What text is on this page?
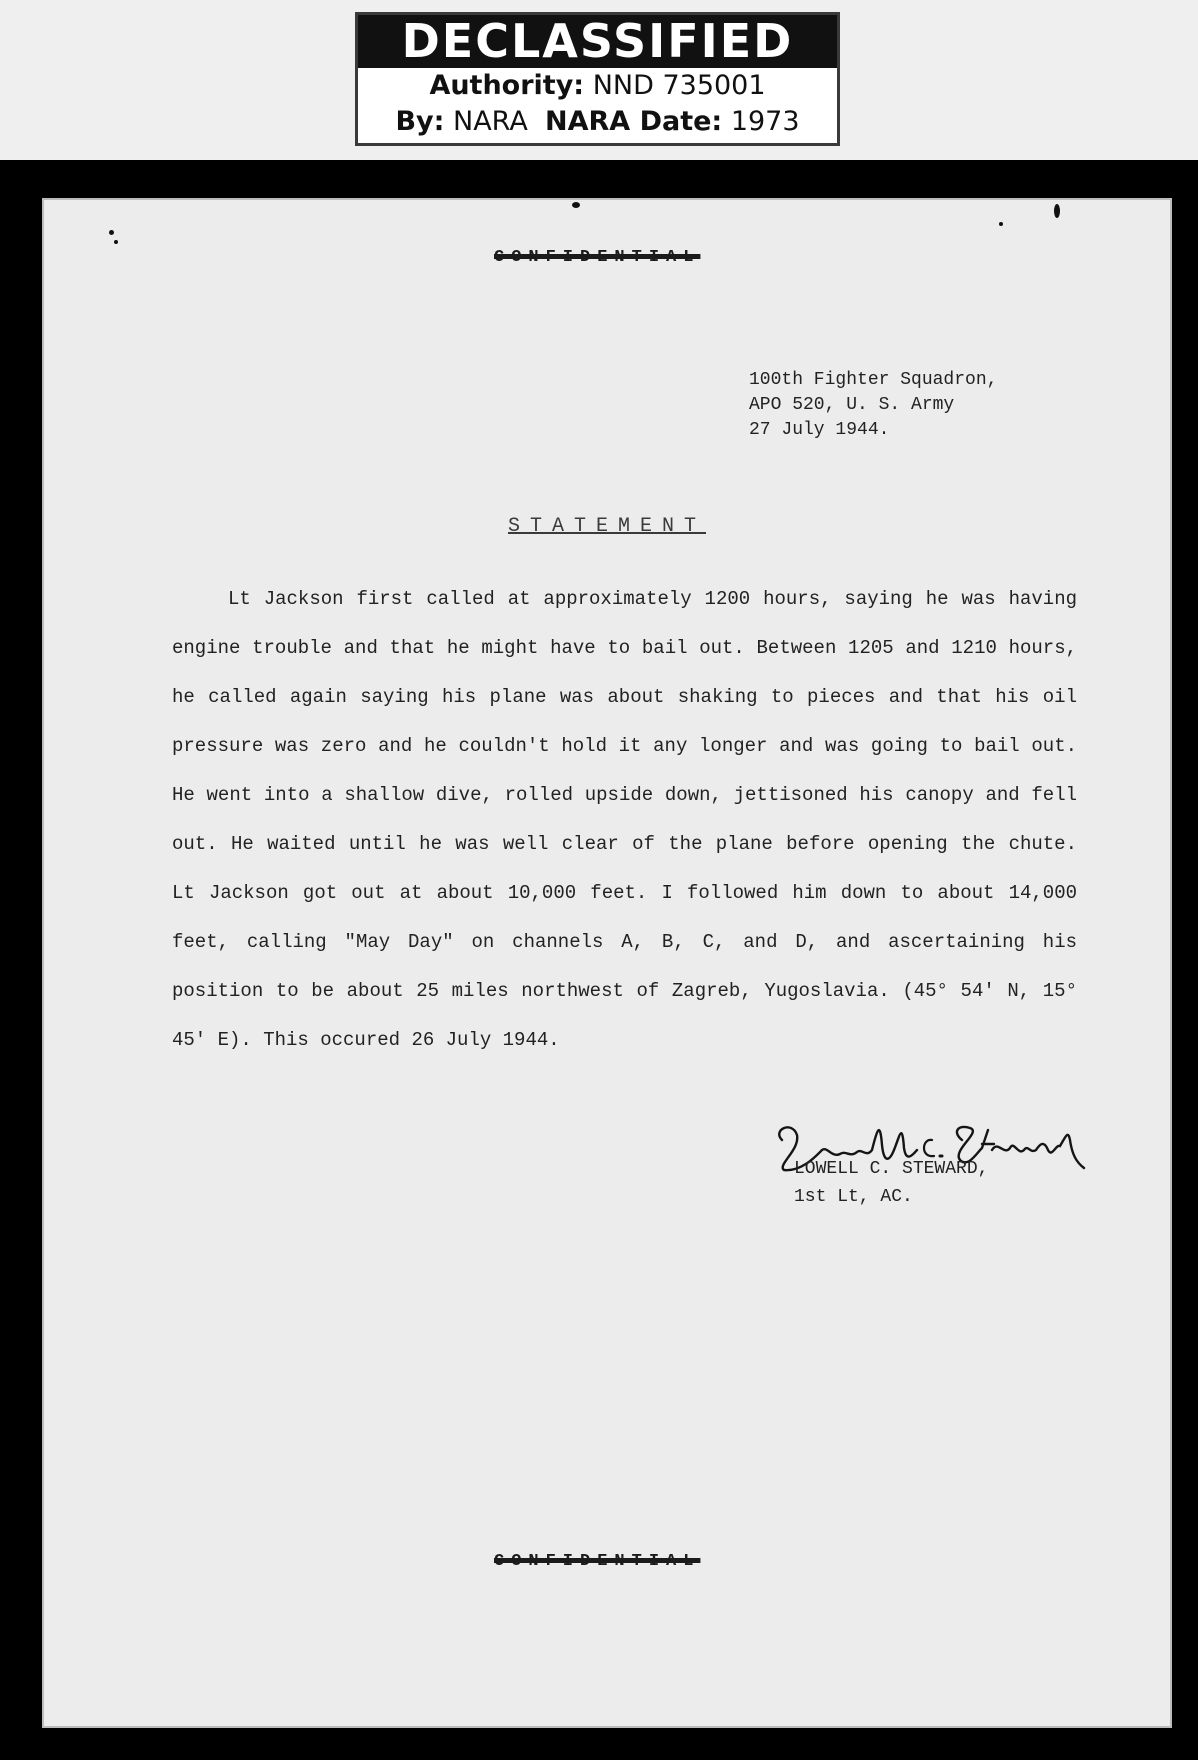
DECLASSIFIED
Authority: NND 735001
By: NARA NARA Date: 1973
CONFIDENTIAL
100th Fighter Squadron,
APO 520, U. S. Army
27 July 1944.
STATEMENT
Lt Jackson first called at approximately 1200 hours, saying he was having engine trouble and that he might have to bail out. Between 1205 and 1210 hours, he called again saying his plane was about shaking to pieces and that his oil pressure was zero and he couldn't hold it any longer and was going to bail out. He went into a shallow dive, rolled upside down, jettisoned his canopy and fell out. He waited until he was well clear of the plane before opening the chute. Lt Jackson got out at about 10,000 feet. I followed him down to about 14,000 feet, calling "May Day" on channels A, B, C, and D, and ascertaining his position to be about 25 miles northwest of Zagreb, Yugoslavia. (45° 54' N, 15° 45' E). This occured 26 July 1944.
LOWELL C. STEWARD,
1st Lt, AC.
CONFIDENTIAL
